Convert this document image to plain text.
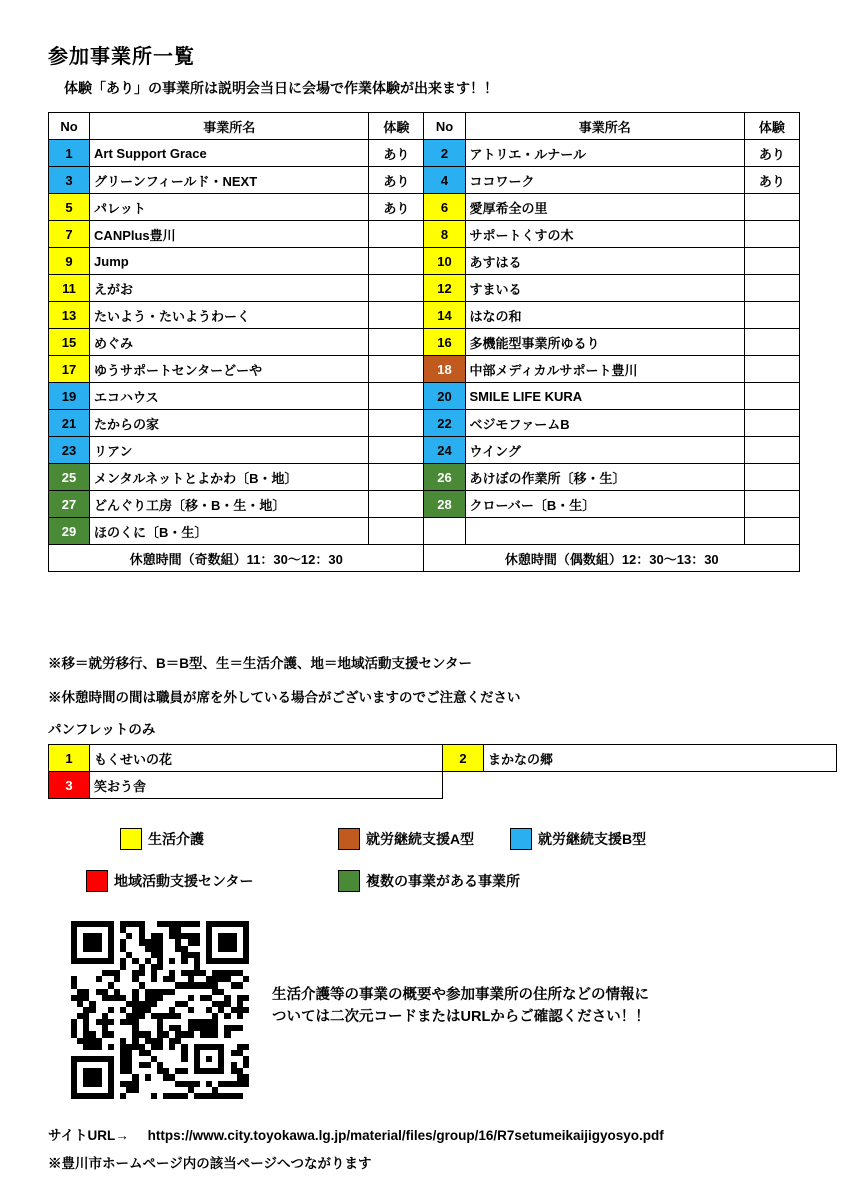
参加事業所一覧
体験「あり」の事業所は説明会当日に会場で作業体験が出来ます！！
No	事業所名	体験	No	事業所名	体験
1	Art Support Grace	あり	2	アトリエ・ルナール	あり
3	グリーンフィールド・NEXT	あり	4	ココワーク	あり
5	パレット	あり	6	愛厚希全の里	
7	CANPlus豊川		8	サポートくすの木	
9	Jump		10	あすはる	
11	えがお		12	すまいる	
13	たいよう・たいようわーく		14	はなの和	
15	めぐみ		16	多機能型事業所ゆるり	
17	ゆうサポートセンターどーや		18	中部メディカルサポート豊川	
19	エコハウス		20	SMILE LIFE KURA	
21	たからの家		22	ベジモファームB	
23	リアン		24	ウイング	
25	メンタルネットとよかわ〔B・地〕		26	あけぼの作業所〔移・生〕	
27	どんぐり工房〔移・B・生・地〕		28	クローバー〔B・生〕	
29	ほのくに〔B・生〕				
休憩時間（奇数組）11：30～12：30			休憩時間（偶数組）12：30～13：30		
※移＝就労移行、B＝B型、生＝生活介護、地＝地域活動支援センター
※休憩時間の間は職員が席を外している場合がございますのでご注意ください
パンフレットのみ
1	もくせいの花	2	まかなの郷
3	笑おう舎		
生活介護	就労継続支援A型	就労継続支援B型
地域活動支援センター	複数の事業がある事業所
生活介護等の事業の概要や参加事業所の住所などの情報に
ついては二次元コードまたはURLからご確認ください！！
サイトURL→ https://www.city.toyokawa.lg.jp/material/files/group/16/R7setumeikaijigyosyo.pdf
※豊川市ホームページ内の該当ページへつながります
